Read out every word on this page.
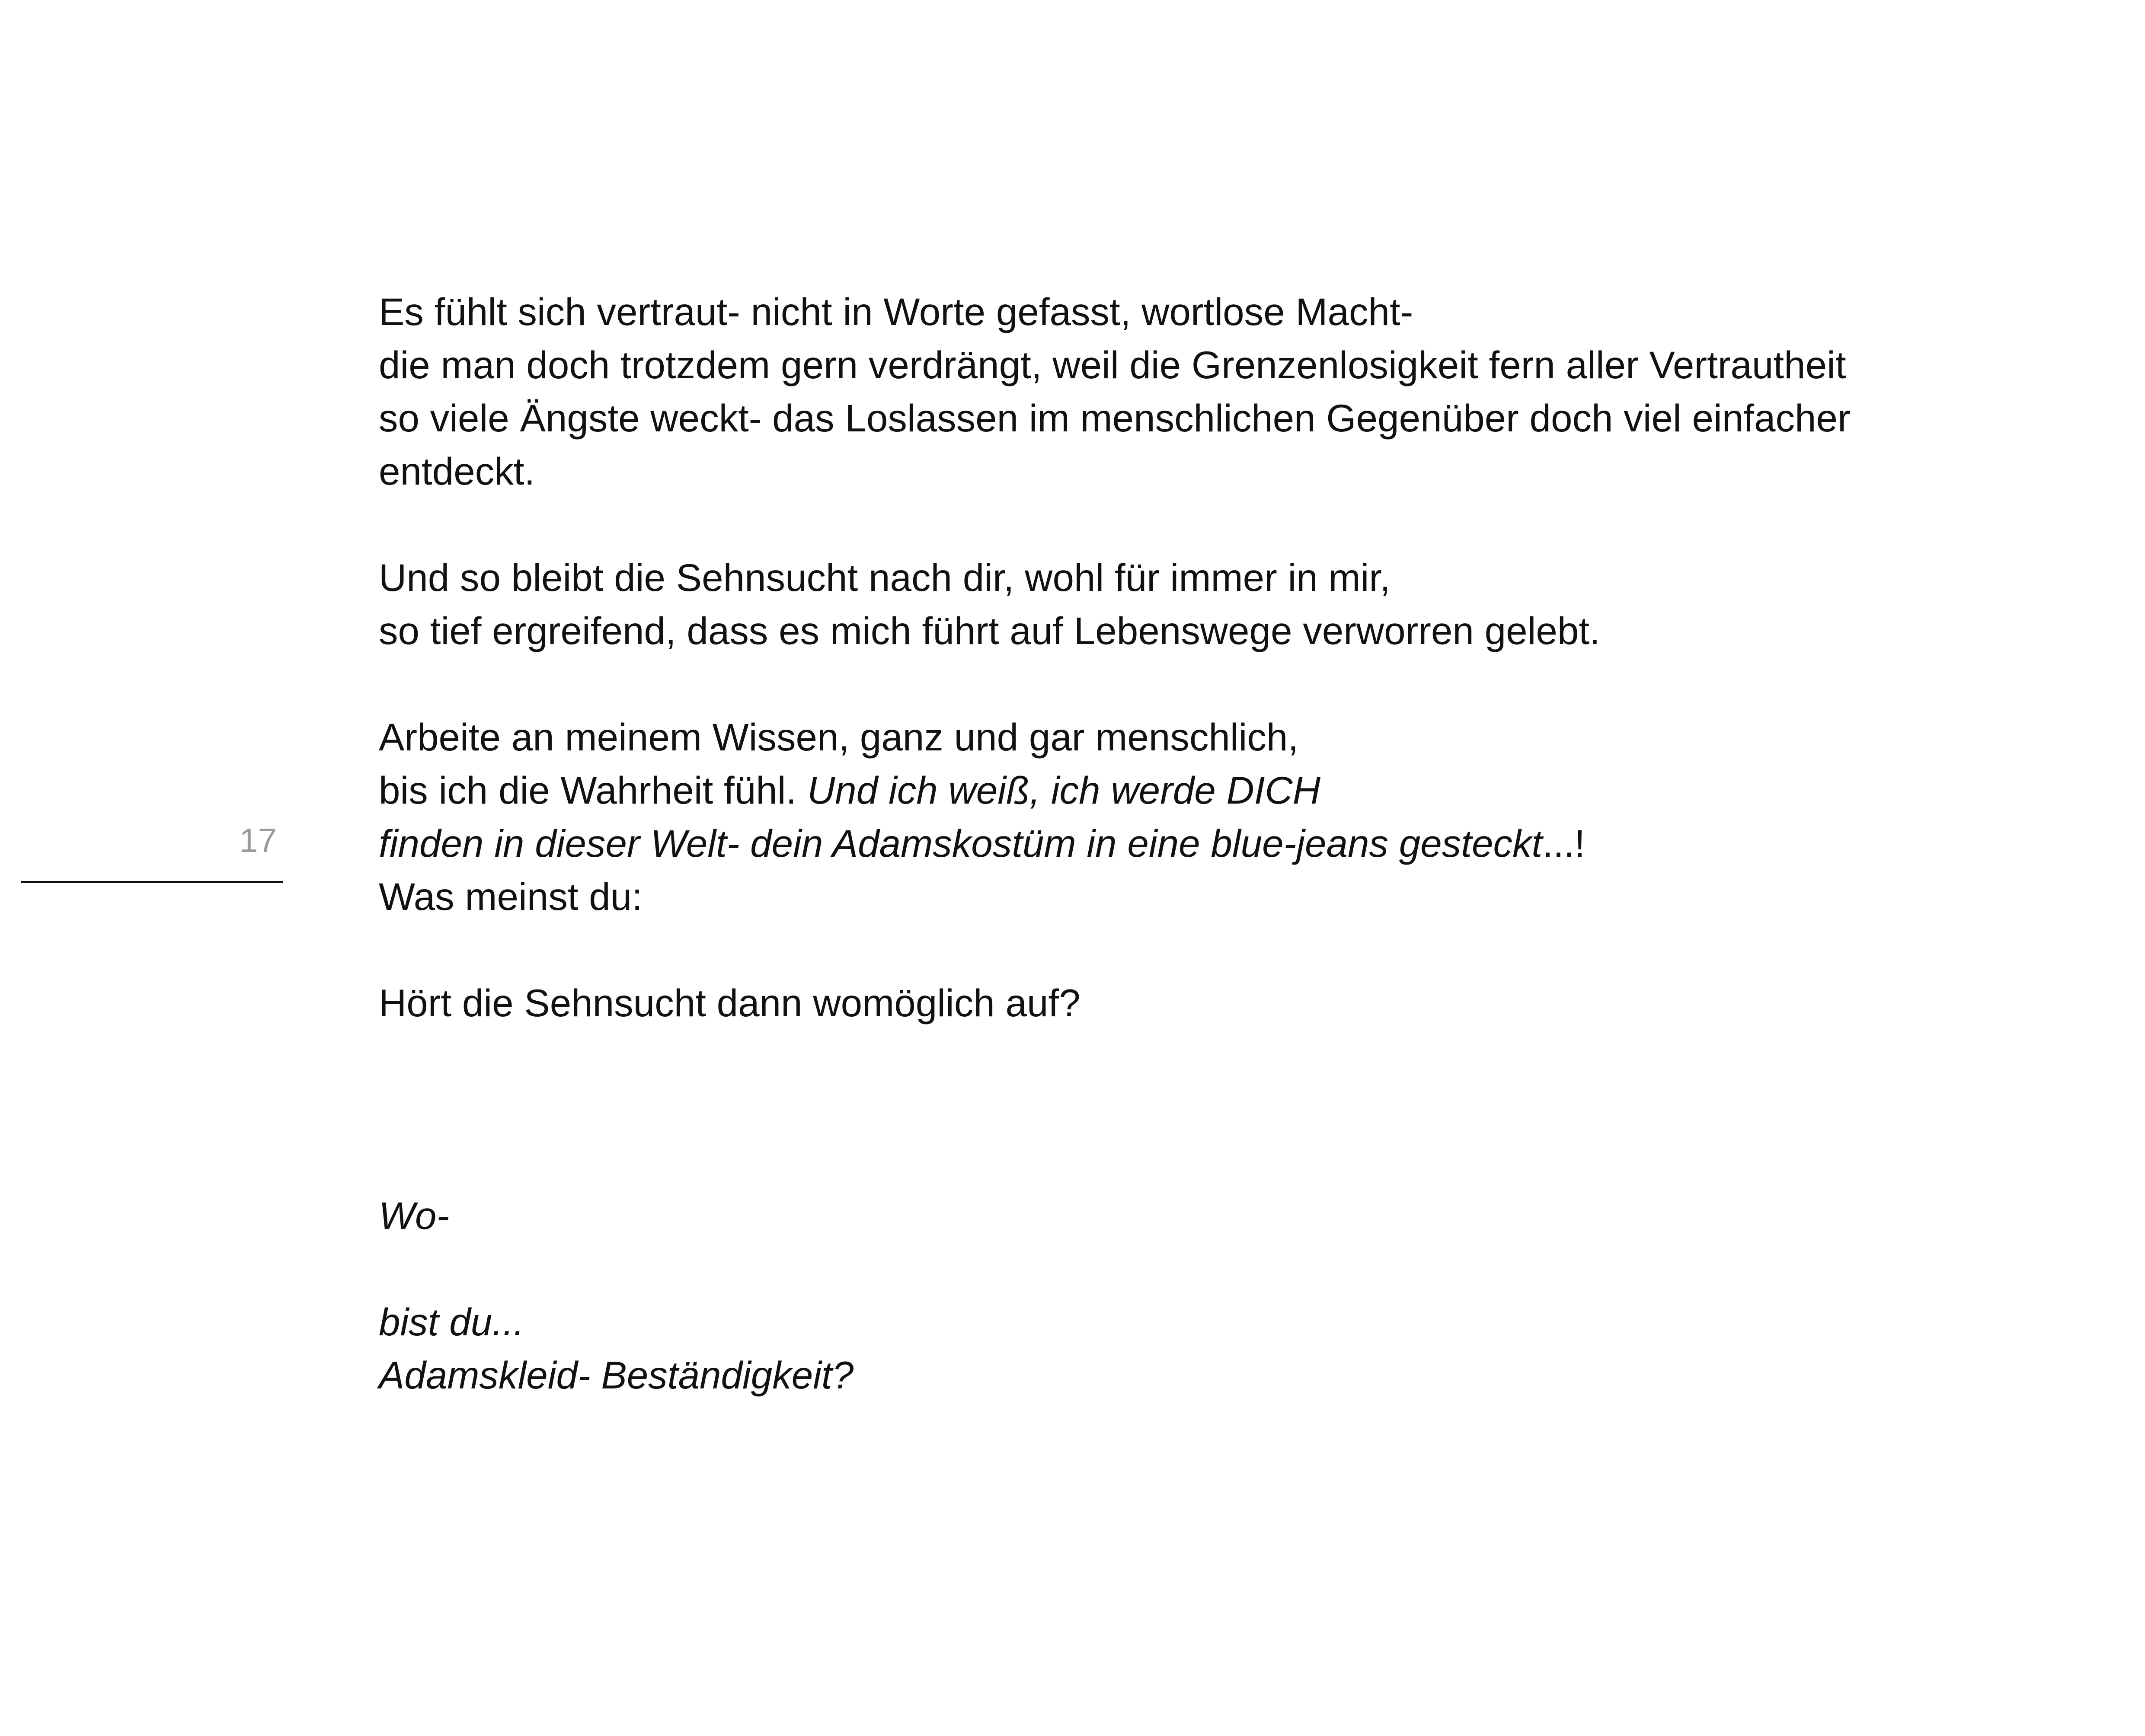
17
Es fühlt sich vertraut- nicht in Worte gefasst, wortlose Macht-
die man doch trotzdem gern verdrängt, weil die Grenzenlosigkeit fern aller Vertrautheit
so viele Ängste weckt- das Loslassen im menschlichen Gegenüber doch viel einfacher
entdeckt.
Und so bleibt die Sehnsucht nach dir, wohl für immer in mir,
so tief ergreifend, dass es mich führt auf Lebenswege verworren gelebt.
Arbeite an meinem Wissen, ganz und gar menschlich,
bis ich die Wahrheit fühl. Und ich weiß, ich werde DICH
finden in dieser Welt- dein Adamskostüm in eine blue-jeans gesteckt...!
Was meinst du:
Hört die Sehnsucht dann womöglich auf?
Wo-
bist du...
Adamskleid- Beständigkeit?
